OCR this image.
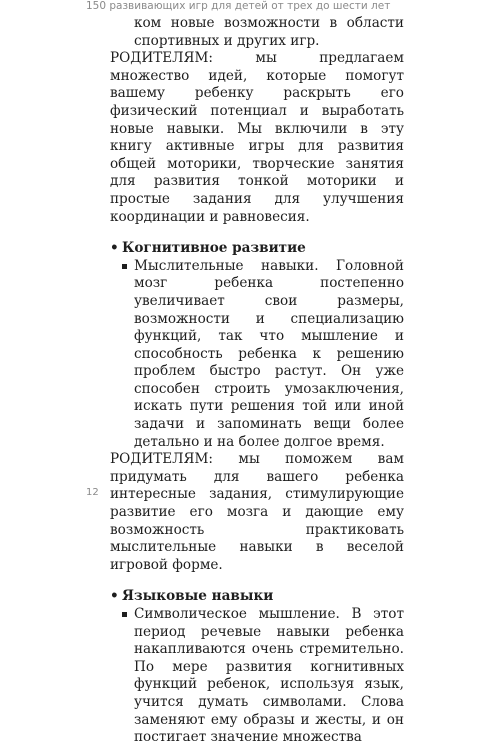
150 развивающих игр для детей от трех до шести лет

ком новые возможности в области спортивных и других игр.

РОДИТЕЛЯМ: мы предлагаем множество идей, которые помогут вашему ребенку раскрыть его физический потенциал и выработать новые навыки. Мы включили в эту книгу активные игры для развития общей моторики, творческие занятия для развития тонкой моторики и простые задания для улучшения координации и равновесия.

• Когнитивное развитие

Мыслительные навыки. Головной мозг ребенка постепенно увеличивает свои размеры, возможности и специализацию функций, так что мышление и способность ребенка к решению проблем быстро растут. Он уже способен строить умозаключения, искать пути решения той или иной задачи и запоминать вещи более детально и на более долгое время.

РОДИТЕЛЯМ: мы поможем вам придумать для вашего ребенка интересные задания, стимулирующие развитие его мозга и дающие ему возможность практиковать мыслительные навыки в веселой игровой форме.

• Языковые навыки

Символическое мышление. В этот период речевые навыки ребенка накапливаются очень стремительно. По мере развития когнитивных функций ребенок, используя язык, учится думать символами. Слова заменяют ему образы и жесты, и он постигает значение множества

12
